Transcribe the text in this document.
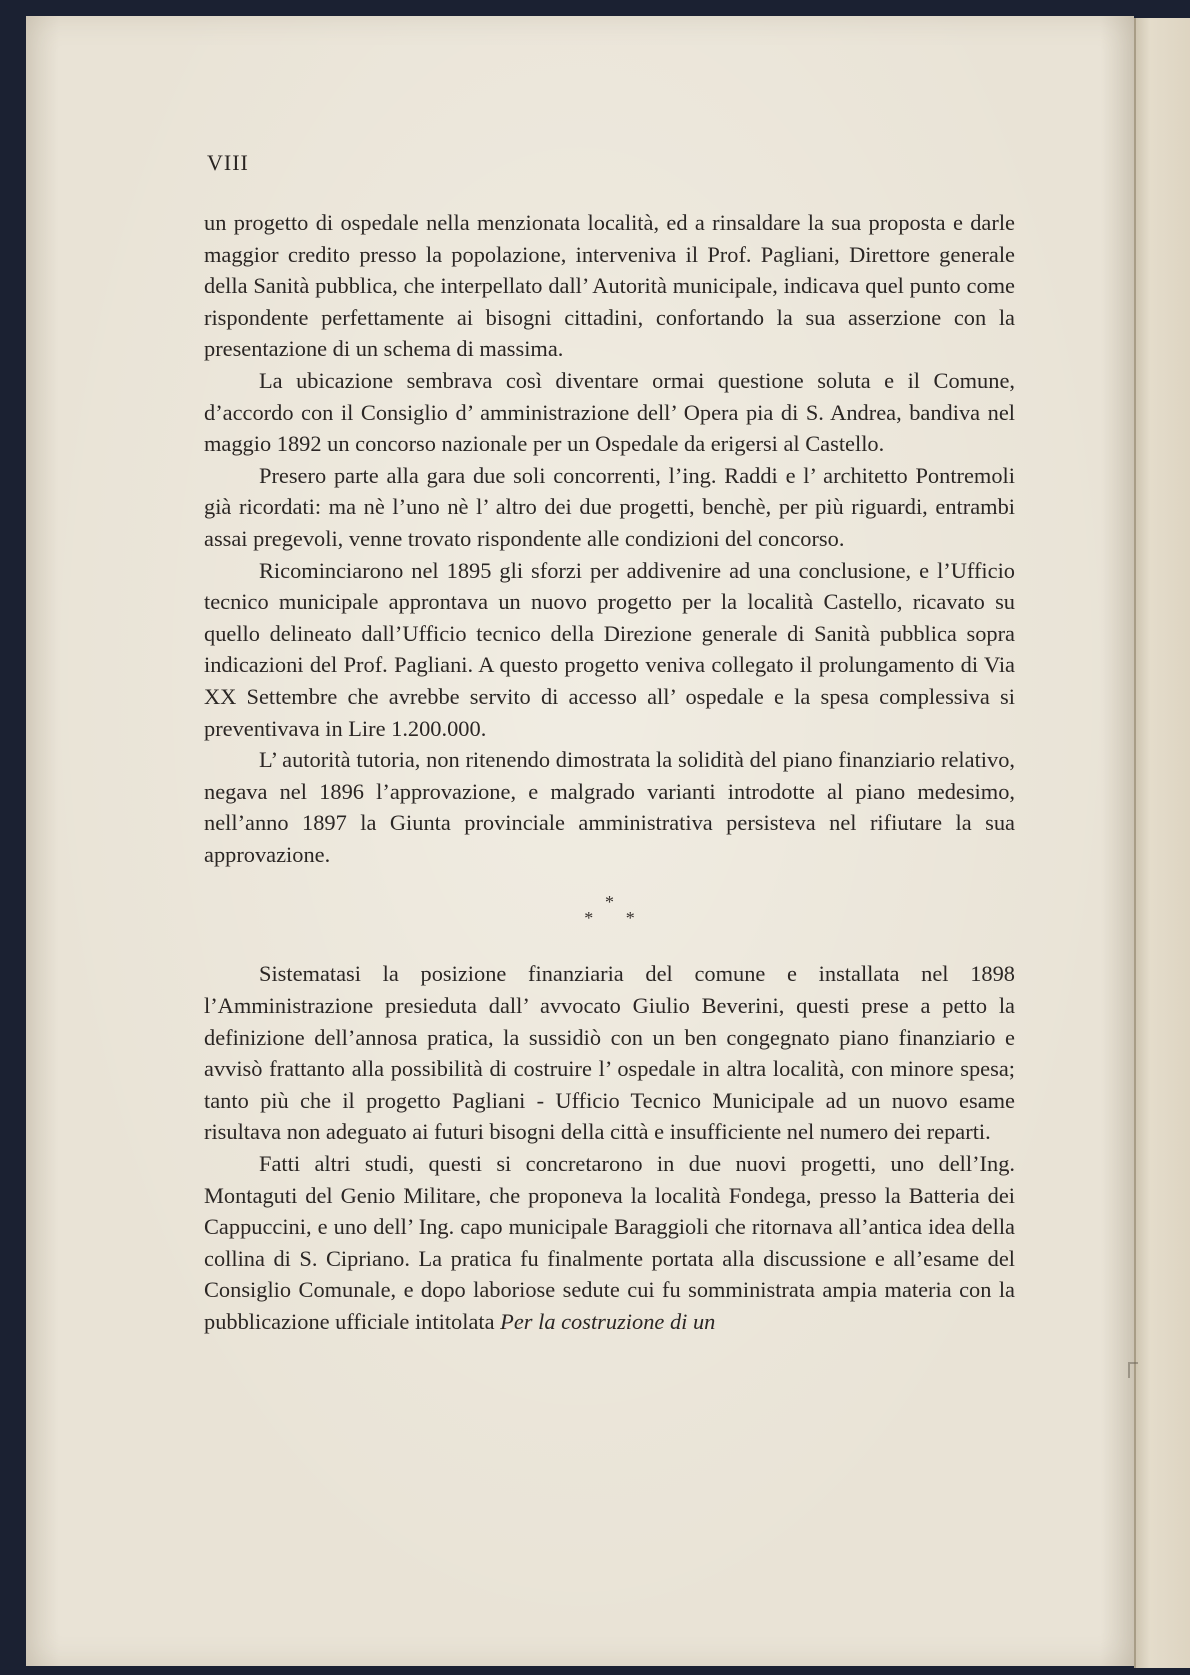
VIII

un progetto di ospedale nella menzionata località, ed a rinsaldare la sua proposta e darle maggior credito presso la popolazione, interveniva il Prof. Pagliani, Direttore generale della Sanità pubblica, che interpellato dall’ Autorità municipale, indicava quel punto come rispondente perfettamente ai bisogni cittadini, confortando la sua asserzione con la presentazione di un schema di massima.

La ubicazione sembrava così diventare ormai questione soluta e il Comune, d’accordo con il Consiglio d’ amministrazione dell’ Opera pia di S. Andrea, bandiva nel maggio 1892 un concorso nazionale per un Ospedale da erigersi al Castello.

Presero parte alla gara due soli concorrenti, l’ing. Raddi e l’ architetto Pontremoli già ricordati: ma nè l’uno nè l’ altro dei due progetti, benchè, per più riguardi, entrambi assai pregevoli, venne trovato rispondente alle condizioni del concorso.

Ricominciarono nel 1895 gli sforzi per addivenire ad una conclusione, e l’Ufficio tecnico municipale approntava un nuovo progetto per la località Castello, ricavato su quello delineato dall’Ufficio tecnico della Direzione generale di Sanità pubblica sopra indicazioni del Prof. Pagliani. A questo progetto veniva collegato il prolungamento di Via XX Settembre che avrebbe servito di accesso all’ ospedale e la spesa complessiva si preventivava in Lire 1.200.000.

L’ autorità tutoria, non ritenendo dimostrata la solidità del piano finanziario relativo, negava nel 1896 l’approvazione, e malgrado varianti introdotte al piano medesimo, nell’anno 1897 la Giunta provinciale amministrativa persisteva nel rifiutare la sua approvazione.

*
* *

Sistematasi la posizione finanziaria del comune e installata nel 1898 l’Amministrazione presieduta dall’ avvocato Giulio Beverini, questi prese a petto la definizione dell’annosa pratica, la sussidiò con un ben congegnato piano finanziario e avvisò frattanto alla possibilità di costruire l’ ospedale in altra località, con minore spesa; tanto più che il progetto Pagliani - Ufficio Tecnico Municipale ad un nuovo esame risultava non adeguato ai futuri bisogni della città e insufficiente nel numero dei reparti.

Fatti altri studi, questi si concretarono in due nuovi progetti, uno dell’Ing. Montaguti del Genio Militare, che proponeva la località Fondega, presso la Batteria dei Cappuccini, e uno dell’ Ing. capo municipale Baraggioli che ritornava all’antica idea della collina di S. Cipriano. La pratica fu finalmente portata alla discussione e all’esame del Consiglio Comunale, e dopo laboriose sedute cui fu somministrata ampia materia con la pubblicazione ufficiale intitolata Per la costruzione di un
